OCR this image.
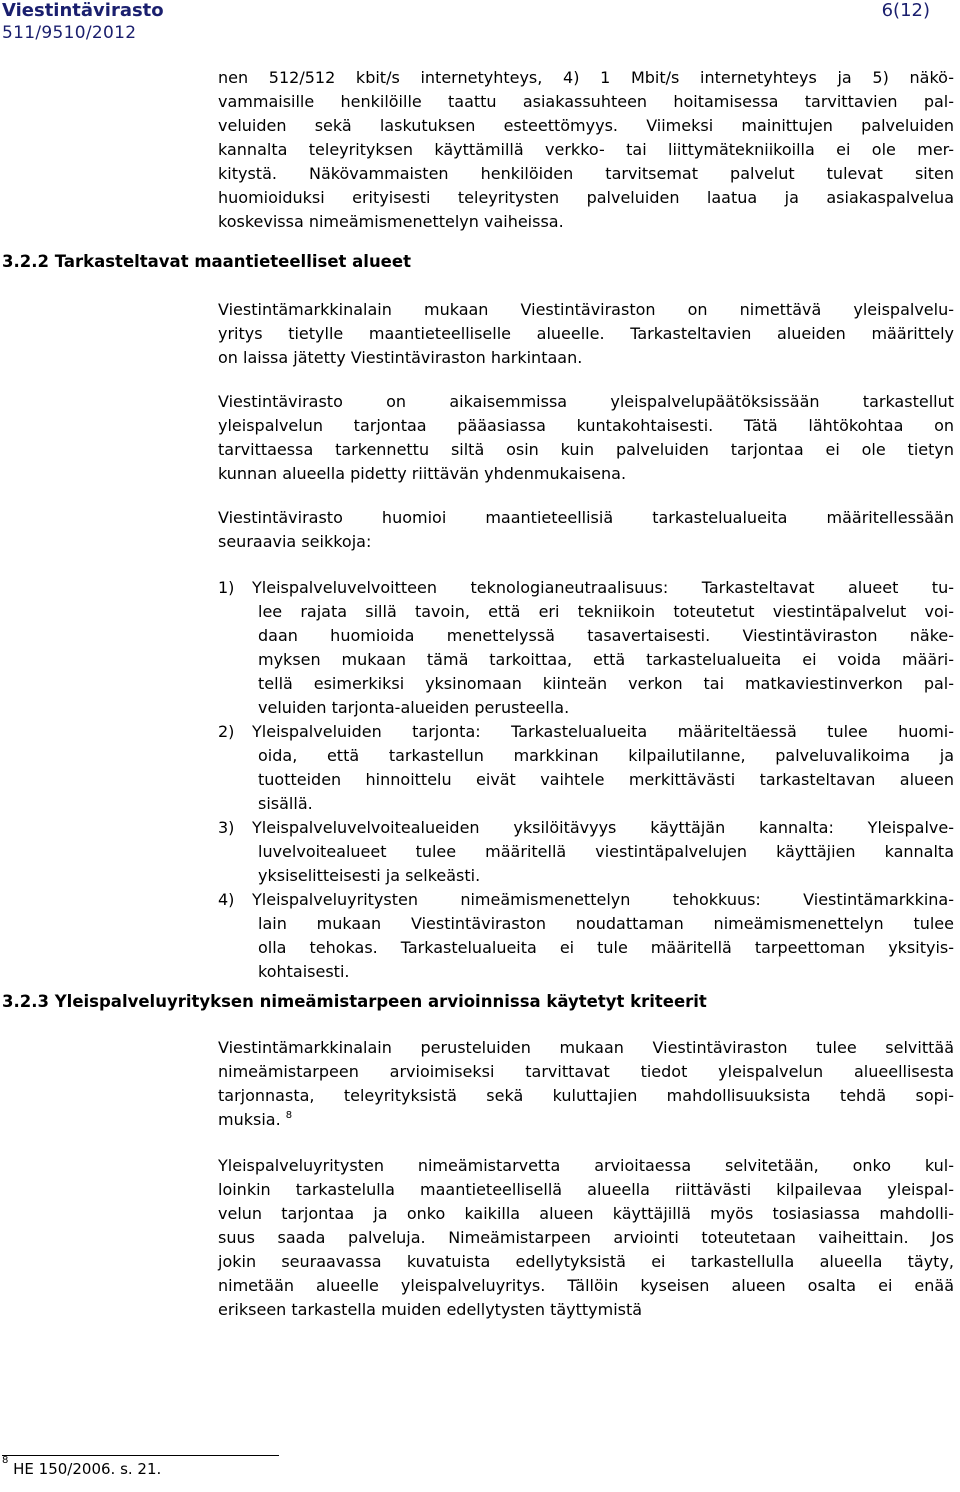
Viestintävirasto
511/9510/2012
6(12)
nen 512/512 kbit/s internetyhteys, 4) 1 Mbit/s internetyhteys ja 5) näkö-
vammaisille henkilöille taattu asiakassuhteen hoitamisessa tarvittavien pal-
veluiden sekä laskutuksen esteettömyys. Viimeksi mainittujen palveluiden
kannalta teleyrityksen käyttämillä verkko- tai liittymätekniikoilla ei ole mer-
kitystä. Näkövammaisten henkilöiden tarvitsemat palvelut tulevat siten
huomioiduksi erityisesti teleyritysten palveluiden laatua ja asiakaspalvelua
koskevissa nimeämismenettelyn vaiheissa.
3.2.2 Tarkasteltavat maantieteelliset alueet
Viestintämarkkinalain mukaan Viestintäviraston on nimettävä yleispalvelu-
yritys tietylle maantieteelliselle alueelle. Tarkasteltavien alueiden määrittely
on laissa jätetty Viestintäviraston harkintaan.
Viestintävirasto on aikaisemmissa yleispalvelupäätöksissään tarkastellut
yleispalvelun tarjontaa pääasiassa kuntakohtaisesti. Tätä lähtökohtaa on
tarvittaessa tarkennettu siltä osin kuin palveluiden tarjontaa ei ole tietyn
kunnan alueella pidetty riittävän yhdenmukaisena.
Viestintävirasto huomioi maantieteellisiä tarkastelualueita määritellessään
seuraavia seikkoja:
1) Yleispalveluvelvoitteen teknologianeutraalisuus: Tarkasteltavat alueet tu-
lee rajata sillä tavoin, että eri tekniikoin toteutetut viestintäpalvelut voi-
daan huomioida menettelyssä tasavertaisesti. Viestintäviraston näke-
myksen mukaan tämä tarkoittaa, että tarkastelualueita ei voida määri-
tellä esimerkiksi yksinomaan kiinteän verkon tai matkaviestinverkon pal-
veluiden tarjonta-alueiden perusteella.
2) Yleispalveluiden tarjonta: Tarkastelualueita määriteltäessä tulee huomi-
oida, että tarkastellun markkinan kilpailutilanne, palveluvalikoima ja
tuotteiden hinnoittelu eivät vaihtele merkittävästi tarkasteltavan alueen
sisällä.
3) Yleispalveluvelvoitealueiden yksilöitävyys käyttäjän kannalta: Yleispalve-
luvelvoitealueet tulee määritellä viestintäpalvelujen käyttäjien kannalta
yksiselitteisesti ja selkeästi.
4) Yleispalveluyritysten nimeämismenettelyn tehokkuus: Viestintämarkkina-
lain mukaan Viestintäviraston noudattaman nimeämismenettelyn tulee
olla tehokas. Tarkastelualueita ei tule määritellä tarpeettoman yksityis-
kohtaisesti.
3.2.3 Yleispalveluyrityksen nimeämistarpeen arvioinnissa käytetyt kriteerit
Viestintämarkkinalain perusteluiden mukaan Viestintäviraston tulee selvittää
nimeämistarpeen arvioimiseksi tarvittavat tiedot yleispalvelun alueellisesta
tarjonnasta, teleyrityksistä sekä kuluttajien mahdollisuuksista tehdä sopi-
muksia. $^8$
Yleispalveluyritysten nimeämistarvetta arvioitaessa selvitetään, onko kul-
loinkin tarkastelulla maantieteellisellä alueella riittävästi kilpailevaa yleispal-
velun tarjontaa ja onko kaikilla alueen käyttäjillä myös tosiasiassa mahdolli-
suus saada palveluja. Nimeämistarpeen arviointi toteutetaan vaiheittain. Jos
jokin seuraavassa kuvatuista edellytyksistä ei tarkastellulla alueella täyty,
nimetään alueelle yleispalveluyritys. Tällöin kyseisen alueen osalta ei enää
erikseen tarkastella muiden edellytysten täyttymistä
$^8$ HE 150/2006. s. 21.
